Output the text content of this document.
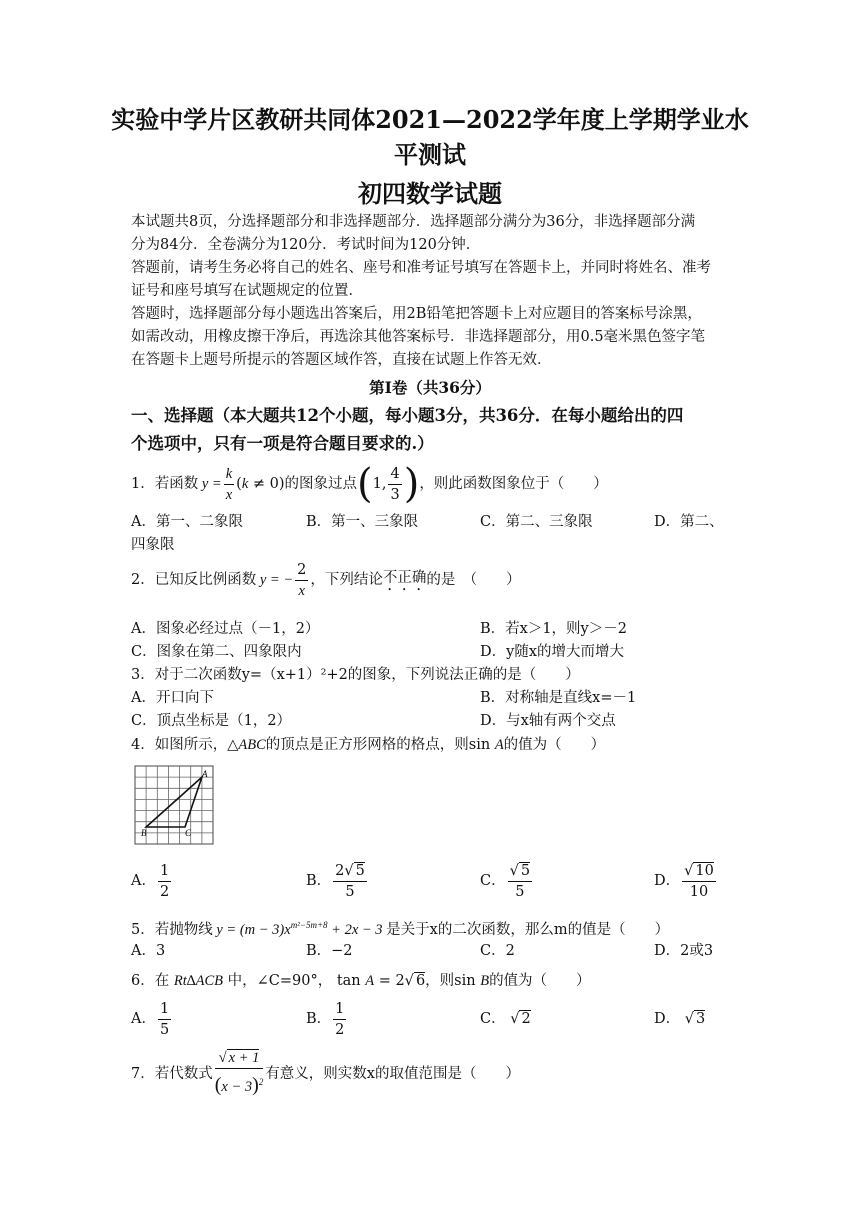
实验中学片区教研共同体2021—2022学年度上学期学业水
平测试
初四数学试题
本试题共8页，分选择题部分和非选择题部分．选择题部分满分为36分，非选择题部分满
分为84分．全卷满分为120分．考试时间为120分钟．
答题前，请考生务必将自己的姓名、座号和准考证号填写在答题卡上，并同时将姓名、准考
证号和座号填写在试题规定的位置．
答题时，选择题部分每小题选出答案后，用2B铅笔把答题卡上对应题目的答案标号涂黑，
如需改动，用橡皮擦干净后，再选涂其他答案标号．非选择题部分，用0.5毫米黑色签字笔
在答题卡上题号所提示的答题区域作答，直接在试题上作答无效．
第Ⅰ卷（共36分）
一、选择题（本大题共12个小题，每小题3分，共36分．在每小题给出的四
个选项中，只有一项是符合题目要求的.）
1．若函数 $y = \frac{k}{x} (k \ne 0)$ 的图象过点 ( 1, $\frac{4}{3}$ ) ，则此函数图象位于（　　）
A．第一、二象限	B．第一、三象限	C．第二、三象限	D．第二、
四象限
2．已知反比例函数 y = − $\frac{2}{x}$ ，下列结论 不正确 的是　（　　）
A．图象必经过点（－1，2）	B．若x＞1，则y＞－2
C．图象在第二、四象限内	D．y随x的增大而增大
3．对于二次函数y=（x+1）²+2的图象，下列说法正确的是（　　）
A．开口向下	B．对称轴是直线x=－1
C．顶点坐标是（1，2）	D．与x轴有两个交点
4．如图所示，△ABC的顶点是正方形网格的格点，则sin A的值为（　　）
A
B	C
A． $\frac{1}{2}$	B． $\frac{2√ 5}{5}$	C． $\frac{√ 5}{5}$	D． $\frac{√ 10}{10}$
5．若抛物线 $y = (m - 3)x^{m^2-5m+8} + 2x - 3$ 是关于x的二次函数，那么m的值是（　　）
A．3	B．−2	C．2	D．2或3
6．在 Rt∆ACB 中，∠C=90°， tan A = 2√ 6，则sin B的值为（　　）
A． $\frac{1}{5}$	B． $\frac{1}{2}$	C． √ 2	D． √ 3
7．若代数式 $\frac{√ x + 1}{(x - 3)^2}$ 有意义，则实数x的取值范围是（　　）
